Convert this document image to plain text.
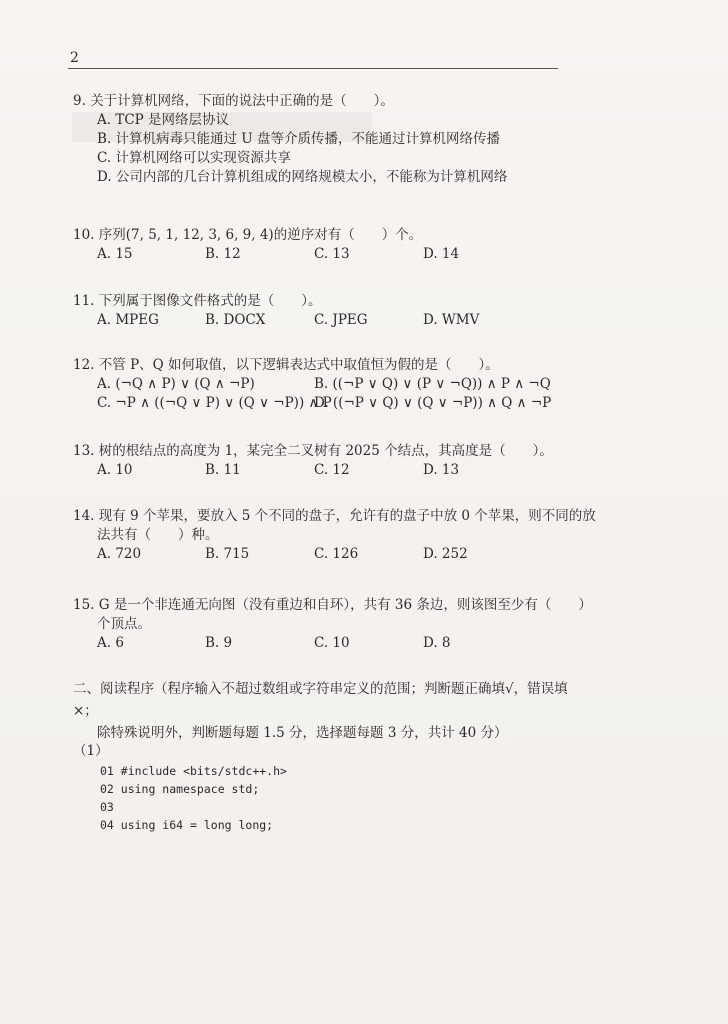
2
9. 关于计算机网络，下面的说法中正确的是（　　）。
A. TCP 是网络层协议
B. 计算机病毒只能通过 U 盘等介质传播，不能通过计算机网络传播
C. 计算机网络可以实现资源共享
D. 公司内部的几台计算机组成的网络规模太小，不能称为计算机网络
10. 序列(7, 5, 1, 12, 3, 6, 9, 4)的逆序对有（　　）个。
A. 15	B. 12	C. 13	D. 14
11. 下列属于图像文件格式的是（　　）。
A. MPEG	B. DOCX	C. JPEG	D. WMV
12. 不管 P、Q 如何取值，以下逻辑表达式中取值恒为假的是（　　）。
A. (¬Q ∧ P) ∨ (Q ∧ ¬P)	B. ((¬P ∨ Q) ∨ (P ∨ ¬Q)) ∧ P ∧ ¬Q
C. ¬P ∧ ((¬Q ∨ P) ∨ (Q ∨ ¬P)) ∧ P
D. ((¬P ∨ Q) ∨ (Q ∨ ¬P)) ∧ Q ∧ ¬P
13. 树的根结点的高度为 1，某完全二叉树有 2025 个结点，其高度是（　　）。
A. 10	B. 11	C. 12	D. 13
14. 现有 9 个苹果，要放入 5 个不同的盘子，允许有的盘子中放 0 个苹果，则不同的放
法共有（　　）种。
A. 720	B. 715	C. 126	D. 252
15. G 是一个非连通无向图（没有重边和自环），共有 36 条边，则该图至少有（　　）
个顶点。
A. 6	B. 9	C. 10	D. 8
二、阅读程序（程序输入不超过数组或字符串定义的范围；判断题正确填√，错误填×；
除特殊说明外，判断题每题 1.5 分，选择题每题 3 分，共计 40 分）
（1）
01 #include <bits/stdc++.h>
02 using namespace std;
03
04 using i64 = long long;
